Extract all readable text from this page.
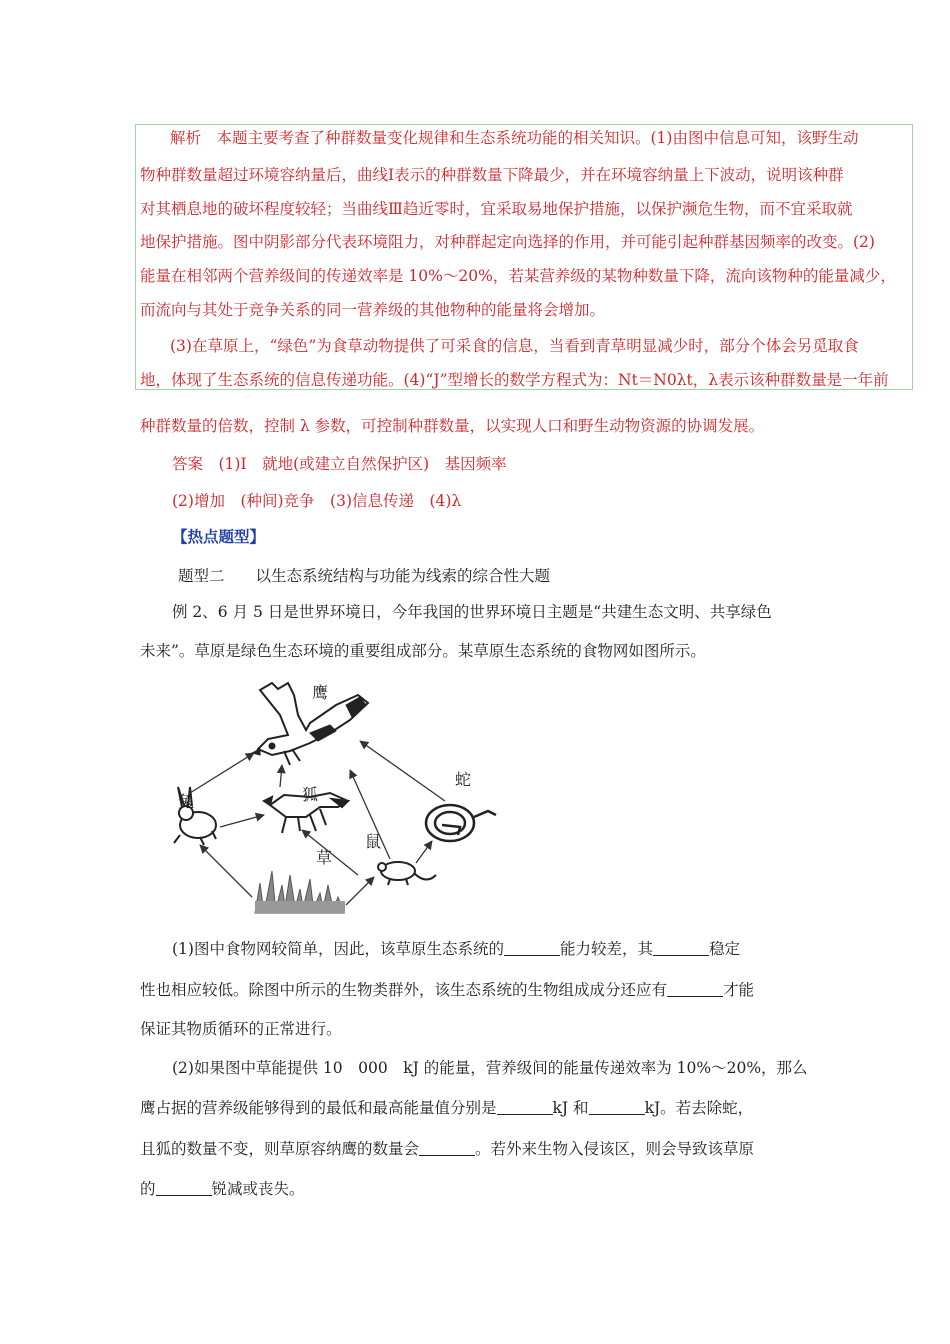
解析　本题主要考查了种群数量变化规律和生态系统功能的相关知识。(1)由图中信息可知，该野生动
物种群数量超过环境容纳量后，曲线Ⅰ表示的种群数量下降最少，并在环境容纳量上下波动，说明该种群
对其栖息地的破坏程度较轻；当曲线Ⅲ趋近零时，宜采取易地保护措施，以保护濒危生物，而不宜采取就
地保护措施。图中阴影部分代表环境阻力，对种群起定向选择的作用，并可能引起种群基因频率的改变。(2)
能量在相邻两个营养级间的传递效率是 10%～20%，若某营养级的某物种数量下降，流向该物种的能量减少，
而流向与其处于竞争关系的同一营养级的其他物种的能量将会增加。
(3)在草原上，“绿色”为食草动物提供了可采食的信息，当看到青草明显减少时，部分个体会另觅取食
地，体现了生态系统的信息传递功能。(4)“J”型增长的数学方程式为：Nt＝N0λt，λ表示该种群数量是一年前
种群数量的倍数，控制 λ 参数，可控制种群数量，以实现人口和野生动物资源的协调发展。
答案　(1)Ⅰ　就地(或建立自然保护区)　基因频率
(2)增加　(种间)竞争　(3)信息传递　(4)λ
【热点题型】
题型二　　以生态系统结构与功能为线索的综合性大题
例 2、6 月 5 日是世界环境日，今年我国的世界环境日主题是“共建生态文明、共享绿色
未来”。草原是绿色生态环境的重要组成部分。某草原生态系统的食物网如图所示。
鹰
兔	狐
蛇
鼠
草
(1)图中食物网较简单，因此，该草原生态系统的	能力较差，其	稳定
性也相应较低。除图中所示的生物类群外，该生态系统的生物组成成分还应有	才能
保证其物质循环的正常进行。
(2)如果图中草能提供 10　000　kJ 的能量，营养级间的能量传递效率为 10%～20%，那么
鹰占据的营养级能够得到的最低和最高能量值分别是	kJ 和	kJ。若去除蛇，
且狐的数量不变，则草原容纳鹰的数量会	。若外来生物入侵该区，则会导致该草原
的	锐减或丧失。
